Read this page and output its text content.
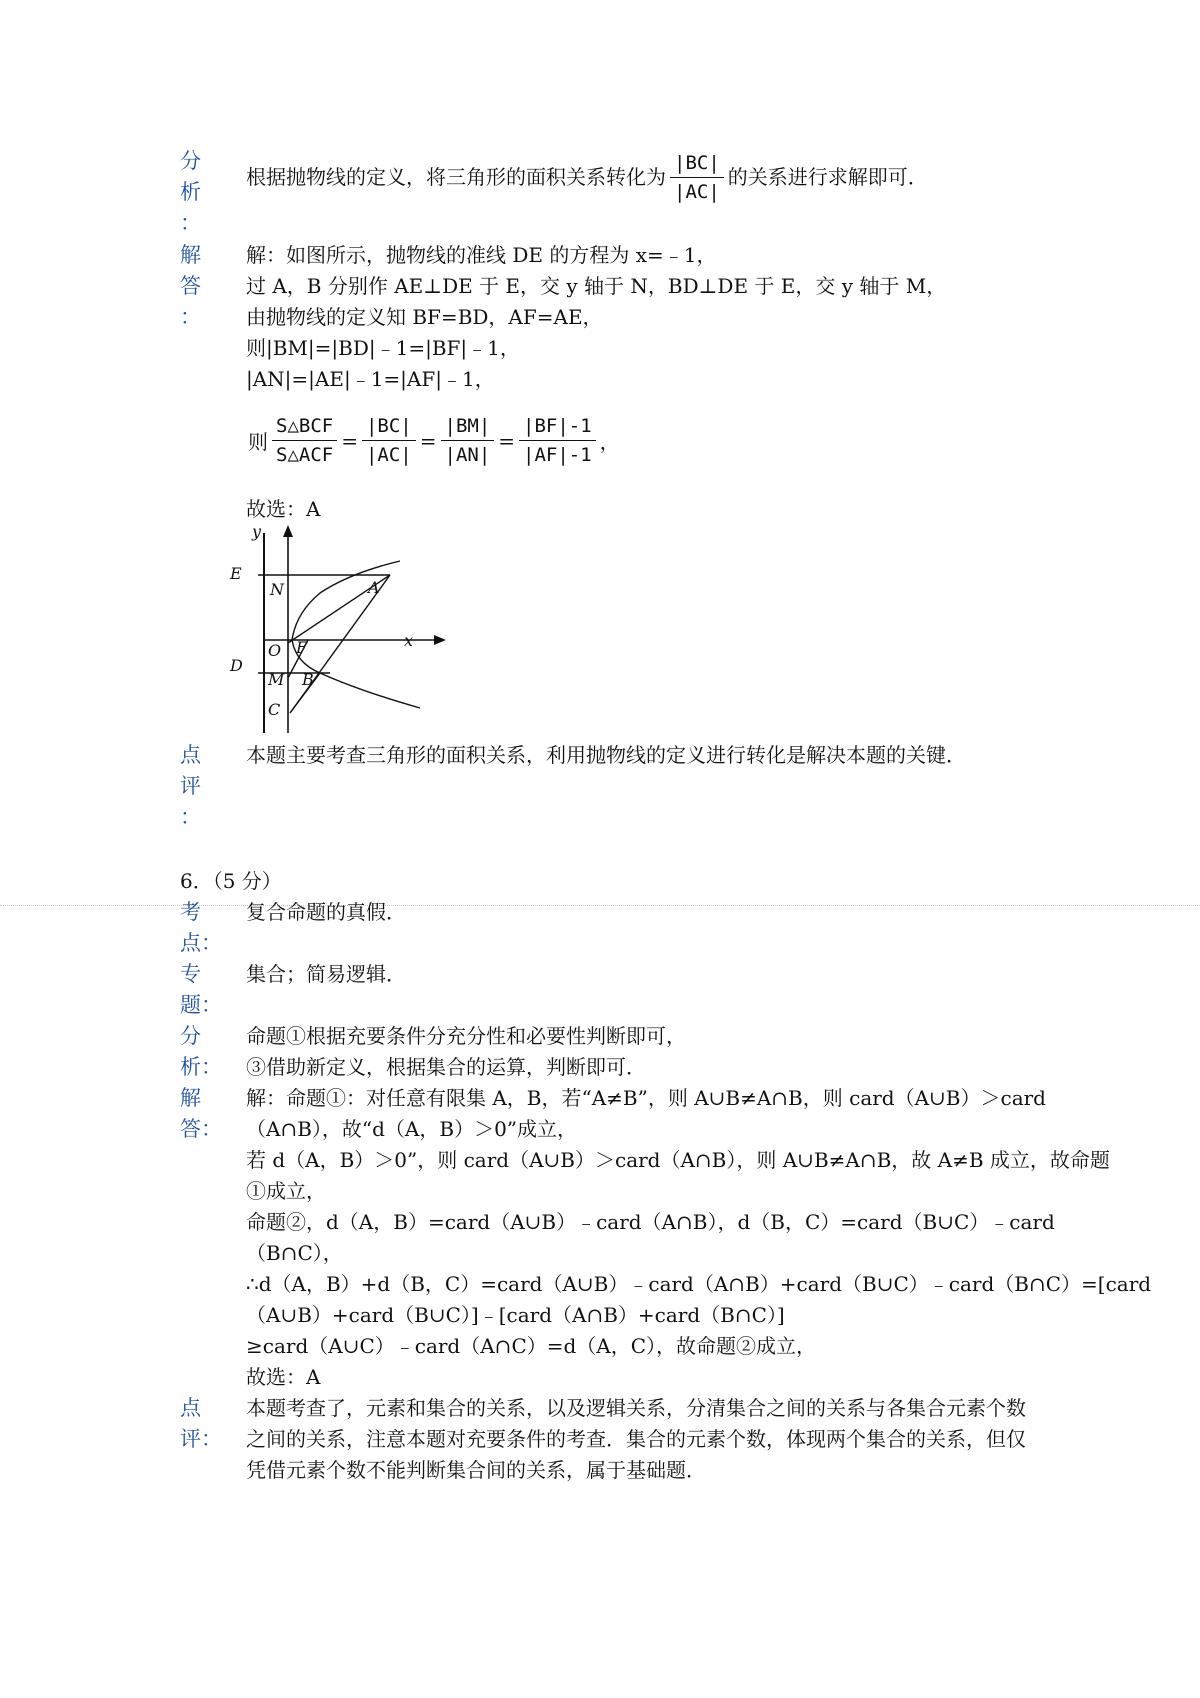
分
析
：
根据抛物线的定义，将三角形的面积关系转化为 $\frac{|BC|}{|AC|}$ 的关系进行求解即可．
解
答
：
解：如图所示，抛物线的准线 DE 的方程为 x=﹣1，
过 A，B 分别作 AE⊥DE 于 E，交 y 轴于 N，BD⊥DE 于 E，交 y 轴于 M，
由抛物线的定义知 BF=BD，AF=AE，
则|BM|=|BD|﹣1=|BF|﹣1，
|AN|=|AE|﹣1=|AF|﹣1，
则 $\frac{\text{S△BCF}}{\text{S△ACF}} = \frac{|BC|}{|AC|} = \frac{|BM|}{|AN|} = \frac{|BF|-1}{|AF|-1}$ ，
故选：A
y
x
E
N	A
O F
D
M B
C
点
评
：
本题主要考查三角形的面积关系，利用抛物线的定义进行转化是解决本题的关键．
6．（5 分）
考
点：
复合命题的真假．
专
题：
集合；简易逻辑．
分
析：
命题①根据充要条件分充分性和必要性判断即可，
③借助新定义，根据集合的运算，判断即可．
解
答：
解：命题①：对任意有限集 A，B，若“A≠B”，则 A∪B≠A∩B，则 card（A∪B）＞card
（A∩B），故“d（A，B）＞0”成立，
若 d（A，B）＞0”，则 card（A∪B）＞card（A∩B），则 A∪B≠A∩B，故 A≠B 成立，故命题
①成立，
命题②，d（A，B）=card（A∪B）﹣card（A∩B），d（B，C）=card（B∪C）﹣card
（B∩C），
∴d（A，B）+d（B，C）=card（A∪B）﹣card（A∩B）+card（B∪C）﹣card（B∩C）=[card
（A∪B）+card（B∪C）]﹣[card（A∩B）+card（B∩C）]
≥card（A∪C）﹣card（A∩C）=d（A，C），故命题②成立，
故选：A
点
评：
本题考查了，元素和集合的关系，以及逻辑关系，分清集合之间的关系与各集合元素个数
之间的关系，注意本题对充要条件的考查．集合的元素个数，体现两个集合的关系，但仅
凭借元素个数不能判断集合间的关系，属于基础题．
